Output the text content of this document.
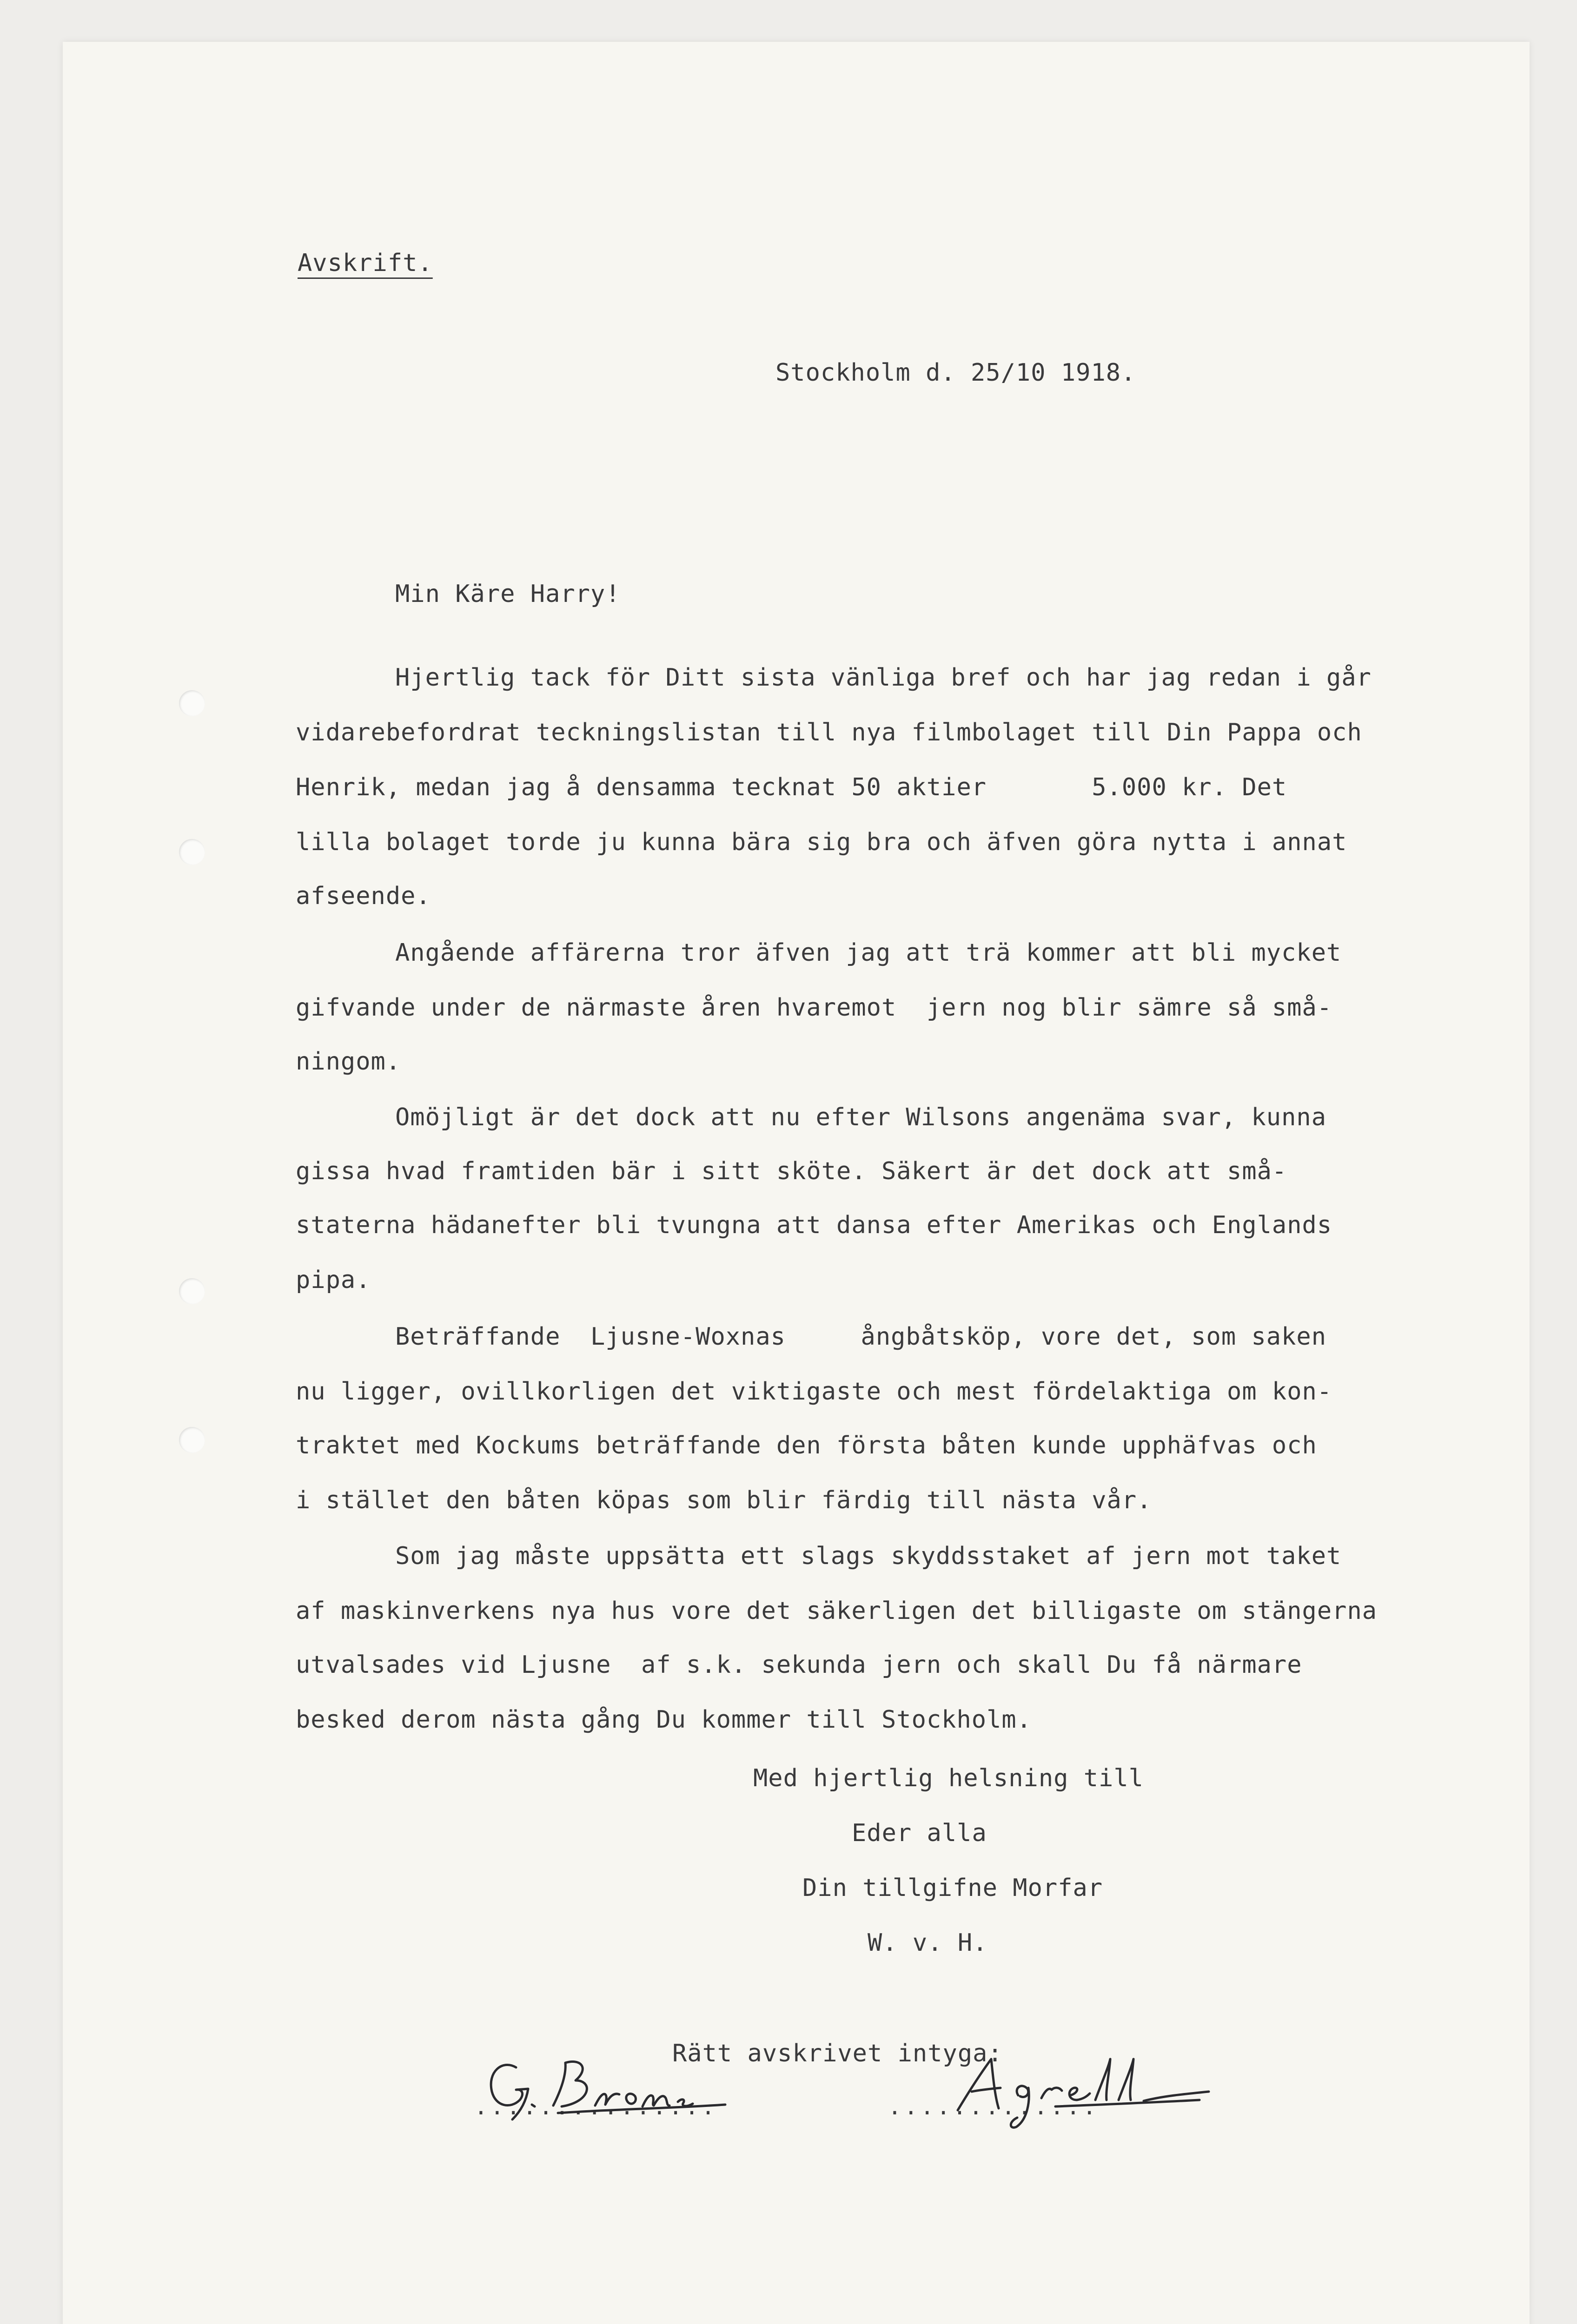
Avskrift.
Stockholm d. 25/10 1918.
Min Käre Harry!
Hjertlig tack för Ditt sista vänliga bref och har jag redan i går
vidarebefordrat teckningslistan till nya filmbolaget till Din Pappa och
Henrik, medan jag å densamma tecknat 50 aktier       5.000 kr. Det
lilla bolaget torde ju kunna bära sig bra och äfven göra nytta i annat
afseende.
Angående affärerna tror äfven jag att trä kommer att bli mycket
gifvande under de närmaste åren hvaremot  jern nog blir sämre så små-
ningom.
Omöjligt är det dock att nu efter Wilsons angenäma svar, kunna
gissa hvad framtiden bär i sitt sköte. Säkert är det dock att små-
staterna hädanefter bli tvungna att dansa efter Amerikas och Englands
pipa.
Beträffande  Ljusne-Woxnas     ångbåtsköp, vore det, som saken
nu ligger, ovillkorligen det viktigaste och mest fördelaktiga om kon-
traktet med Kockums beträffande den första båten kunde upphäfvas och
i stället den båten köpas som blir färdig till nästa vår.
Som jag måste uppsätta ett slags skyddsstaket af jern mot taket
af maskinverkens nya hus vore det säkerligen det billigaste om stängerna
utvalsades vid Ljusne  af s.k. sekunda jern och skall Du få närmare
besked derom nästa gång Du kommer till Stockholm.
Med hjertlig helsning till
Eder alla
Din tillgifne Morfar
W. v. H.
Rätt avskrivet intyga:
...............	.............
